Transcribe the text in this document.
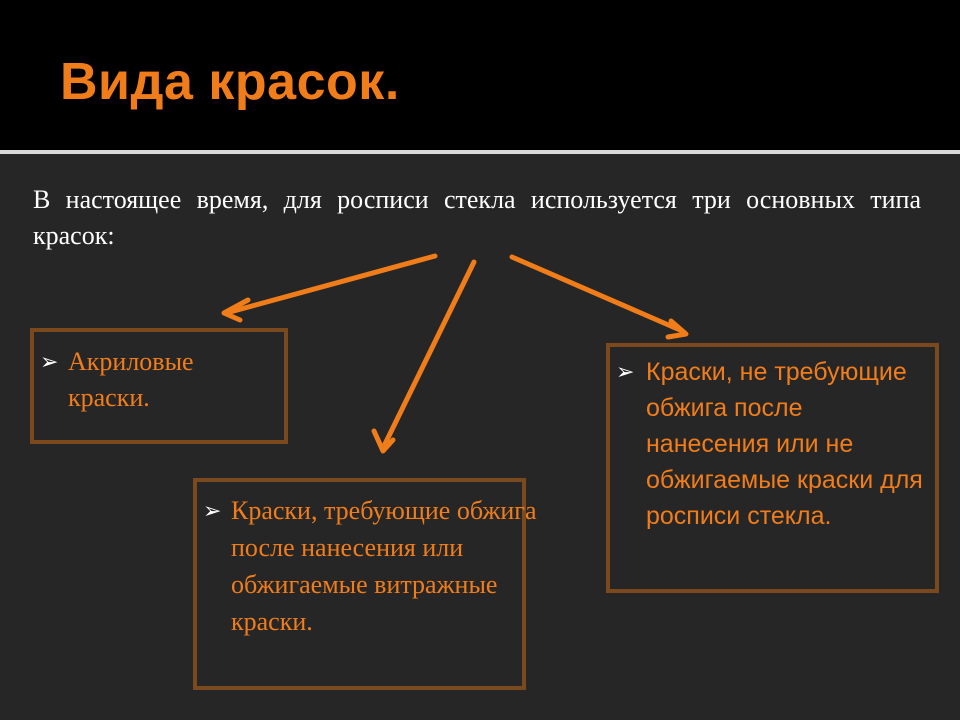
Вида красок.
В настоящее время, для росписи стекла используется три основных типа красок:
➢ Акриловые краски.
➢ Краски, требующие обжига после нанесения или обжигаемые витражные краски.
➢ Краски, не требующие обжига после нанесения или не обжигаемые краски для росписи стекла.
